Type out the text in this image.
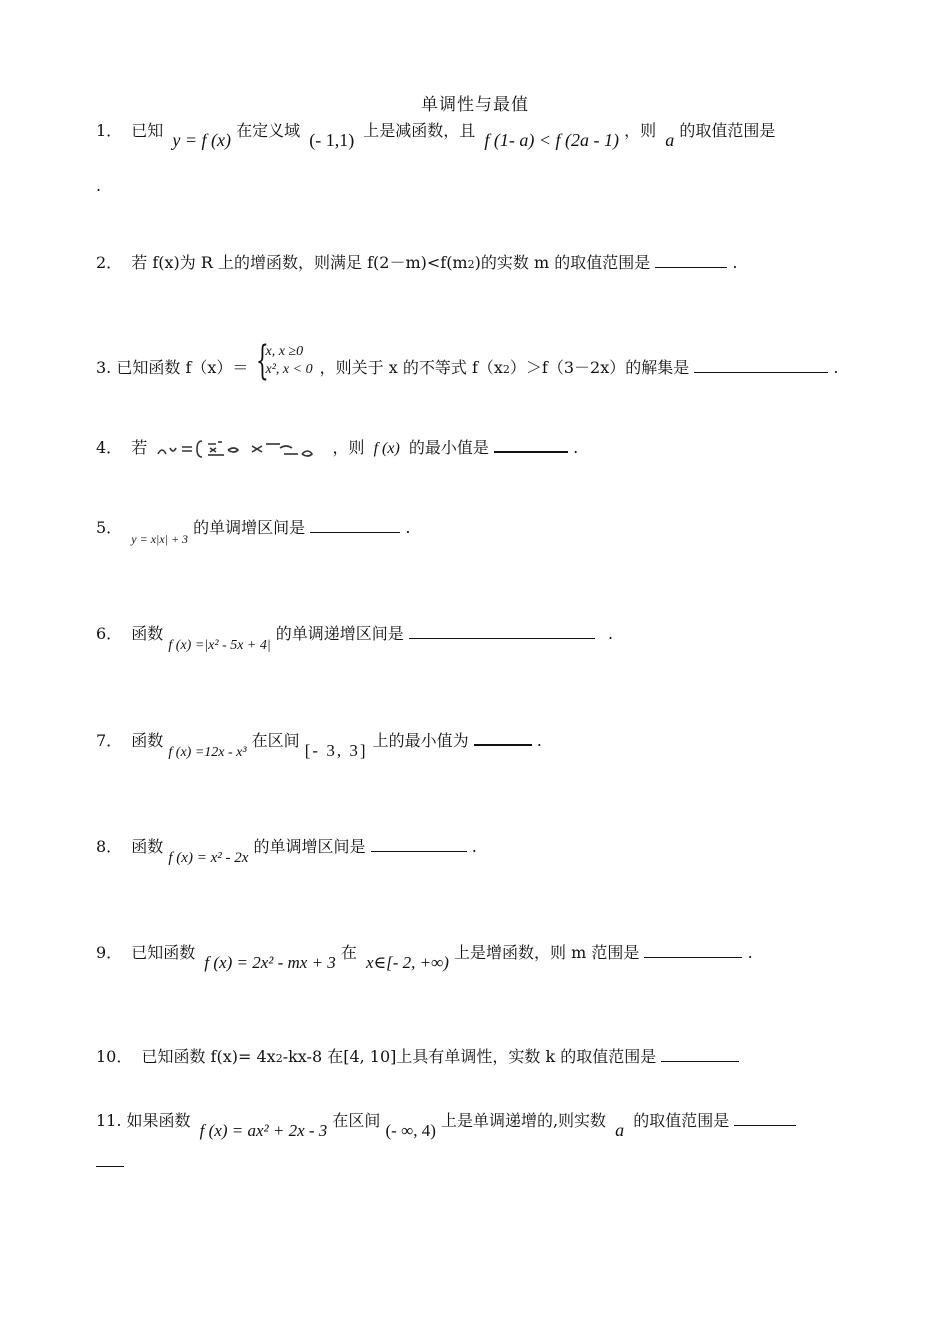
单调性与最值
1． 已知 y = f (x) 在定义域 (- 1,1) 上是减函数，且 f (1- a) < f (2a - 1) ，则 a 的取值范围是
.
2． 若 f(x)为 R 上的增函数，则满足 f(2－m)<f(m2)的实数 m 的取值范围是	.
3. 已知函数 f（x）＝ {
x, x ≥0
x², x < 0 ，则关于 x 的不等式 f（x2）＞f（3－2x）的解集是	.
4． 若	，则 f (x) 的最小值是	.
5． $_{y = x|x| + 3}$ 的单调增区间是	.
6． 函数 f (x) =|x² - 5x + 4| 的单调递增区间是	.
7． 函数 f (x) =12x - x³ 在区间 [- 3, 3] 上的最小值为	.
8． 函数 f (x) = x² - 2x 的单调增区间是	.
9． 已知函数 f (x) = 2x² - mx + 3 在 x∈[- 2, +∞) 上是增函数，则 m 范围是	.
10． 已知函数 f(x)= 4x2-kx-8 在[4, 10]上具有单调性，实数 k 的取值范围是
11. 如果函数 f (x) = ax² + 2x - 3 在区间 (- ∞, 4) 上是单调递增的,则实数 a 的取值范围是
